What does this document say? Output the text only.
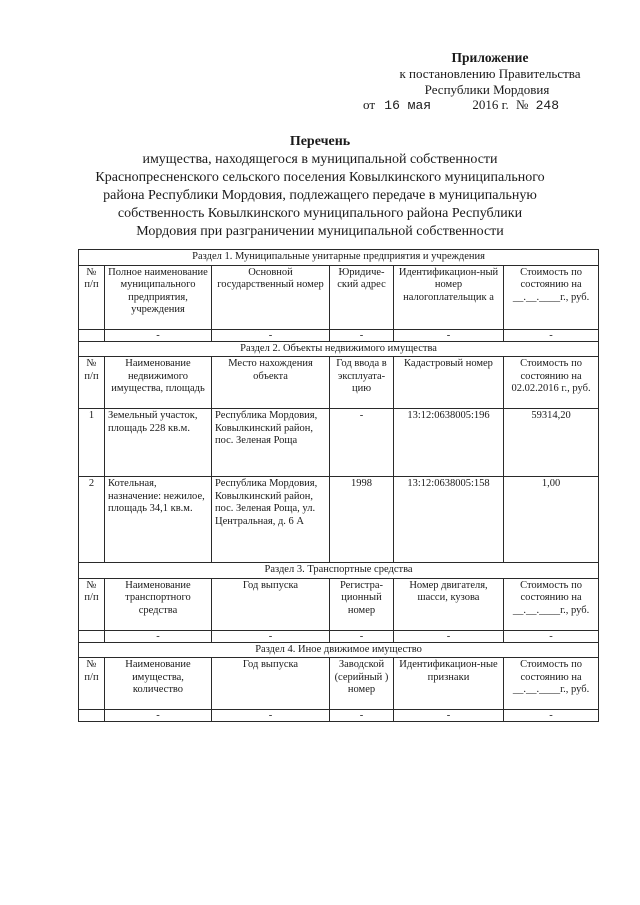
Приложение
к постановлению Правительства
Республики Мордовия
от 16 мая	2016 г. № 248
Перечень
имущества, находящегося в муниципальной собственности
Краснопресненского сельского поселения Ковылкинского муниципального
района Республики Мордовия, подлежащего передаче в муниципальную
собственность Ковылкинского муниципального района Республики
Мордовия при разграничении муниципальной собственности
Раздел 1. Муниципальные унитарные предприятия и учреждения					
№ п/п	Полное наименование муниципального предприятия, учреждения	Основной государственный номер	Юридиче-ский адрес	Идентификацион-ный номер налогоплательщик а	Стоимость по состоянию на __.__.____г., руб.
	-	-	-	-	-
Раздел 2. Объекты недвижимого имущества					
№ п/п	Наименование недвижимого имущества, площадь	Место нахождения объекта	Год ввода в эксплуата-цию	Кадастровый номер	Стоимость по состоянию на 02.02.2016 г., руб.
1	Земельный участок, площадь 228 кв.м.	Республика Мордовия, Ковылкинский район, пос. Зеленая Роща	-	13:12:0638005:196	59314,20
2	Котельная, назначение: нежилое, площадь 34,1 кв.м.	Республика Мордовия, Ковылкинский район, пос. Зеленая Роща, ул. Центральная, д. 6 А	1998	13:12:0638005:158	1,00
Раздел 3. Транспортные средства					
№ п/п	Наименование транспортного средства	Год выпуска	Регистра-ционный номер	Номер двигателя, шасси, кузова	Стоимость по состоянию на __.__.____г., руб.
	-	-	-	-	-
Раздел 4. Иное движимое имущество					
№ п/п	Наименование имущества, количество	Год выпуска	Заводской (серийный ) номер	Идентификацион-ные признаки	Стоимость по состоянию на __.__.____г., руб.
	-	-	-	-	-
